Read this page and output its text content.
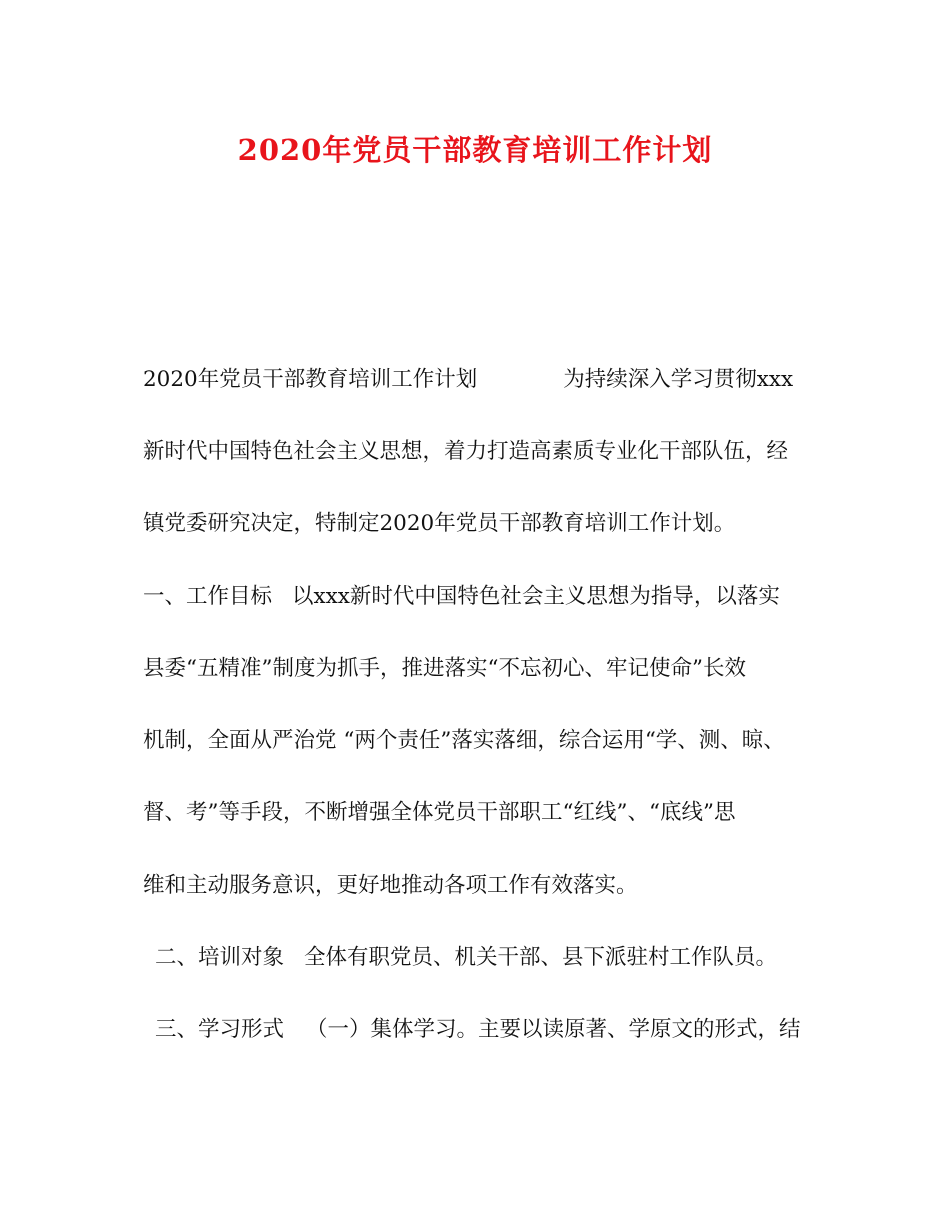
2020年党员干部教育培训工作计划
2020年党员干部教育培训工作计划	为持续深入学习贯彻xxx
新时代中国特色社会主义思想，着力打造高素质专业化干部队伍，经
镇党委研究决定，特制定2020年党员干部教育培训工作计划。
一、工作目标 以xxx新时代中国特色社会主义思想为指导，以落实
县委“五精准”制度为抓手，推进落实“不忘初心、牢记使命”长效
机制，全面从严治党 “两个责任”落实落细，综合运用“学、测、晾、
督、考”等手段，不断增强全体党员干部职工“红线”、“底线”思
维和主动服务意识，更好地推动各项工作有效落实。
二、培训对象 全体有职党员、机关干部、县下派驻村工作队员。
三、学习形式 （一）集体学习。主要以读原著、学原文的形式，结
